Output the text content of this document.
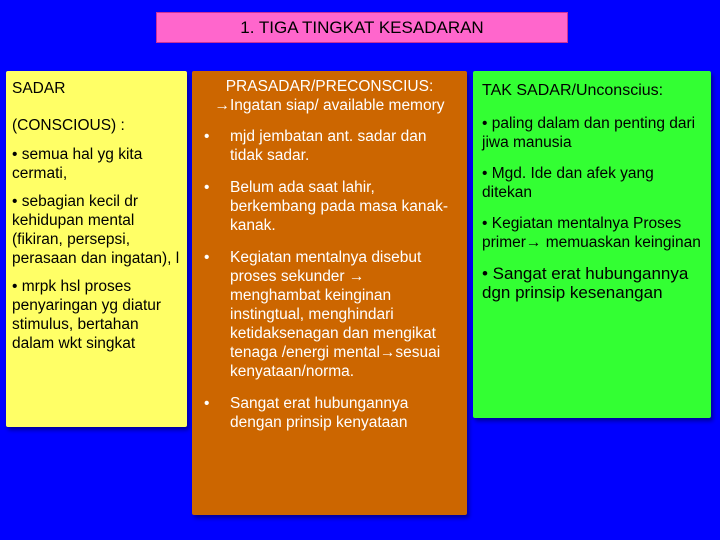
1. TIGA TINGKAT KESADARAN
SADAR
(CONSCIOUS) :
• semua hal yg kita cermati,
• sebagian kecil dr kehidupan mental (fikiran, persepsi, perasaan dan ingatan), l
• mrpk hsl proses penyaringan yg diatur stimulus, bertahan dalam wkt singkat
PRASADAR/PRECONSCIUS: →Ingatan siap/ available memory
•	mjd jembatan ant. sadar dan tidak sadar.
•	Belum ada saat lahir, berkembang pada masa kanak-kanak.
•	Kegiatan mentalnya disebut proses sekunder → menghambat keinginan instingtual, menghindari ketidaksenagan dan mengikat tenaga /energi mental→sesuai kenyataan/norma.
•	Sangat erat hubungannya dengan prinsip kenyataan
TAK SADAR/Unconscius:
• paling dalam dan penting dari jiwa manusia
• Mgd. Ide dan afek yang ditekan
• Kegiatan mentalnya Proses primer→ memuaskan keinginan
• Sangat erat hubungannya dgn prinsip kesenangan
